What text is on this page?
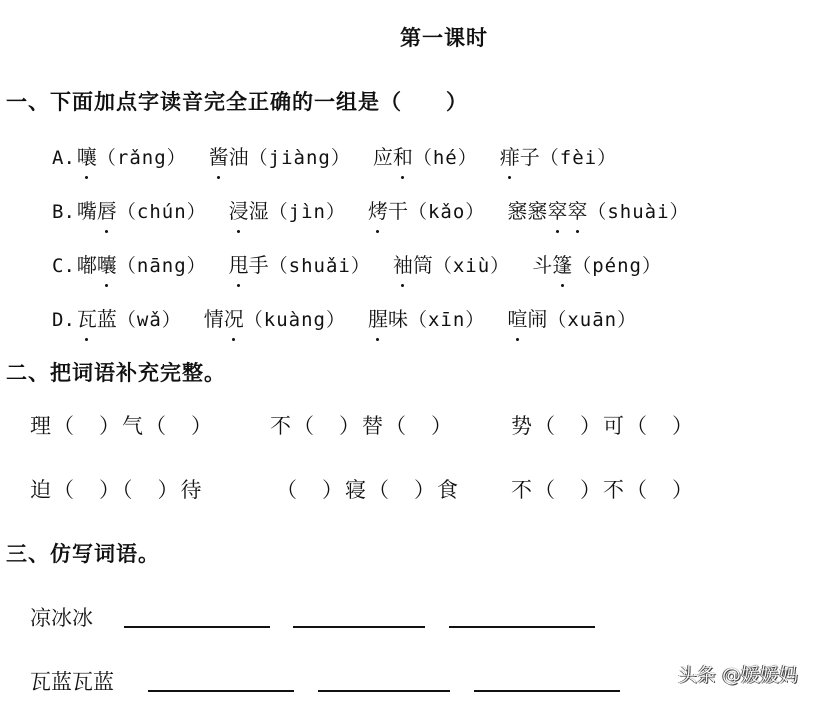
第一课时
一、下面加点字读音完全正确的一组是（　　）
A. 嚷 （rǎng） 酱 油 （jiàng） 应 和 （hé） 痱 子 （fèi）
B. 嘴 唇 （chún） 浸 湿 （jìn） 烤 干 （kǎo） 窸 窸 窣 窣 （shuài）
C. 嘟 囔 （nāng） 甩 手 （shuǎi） 袖 筒 （xiù） 斗 篷 （péng）
D. 瓦 蓝 （wǎ） 情 况 （kuàng） 腥 味 （xīn） 喧 闹 （xuān）
二、把词语补充完整。
理（　）气（　）	不（　）替（　）	势（　）可（　）
迫（　）（　）待	（　）寝（　）食 不（　）不（　）
三、仿写词语。
凉冰冰
瓦蓝瓦蓝	头条 @媛媛妈
